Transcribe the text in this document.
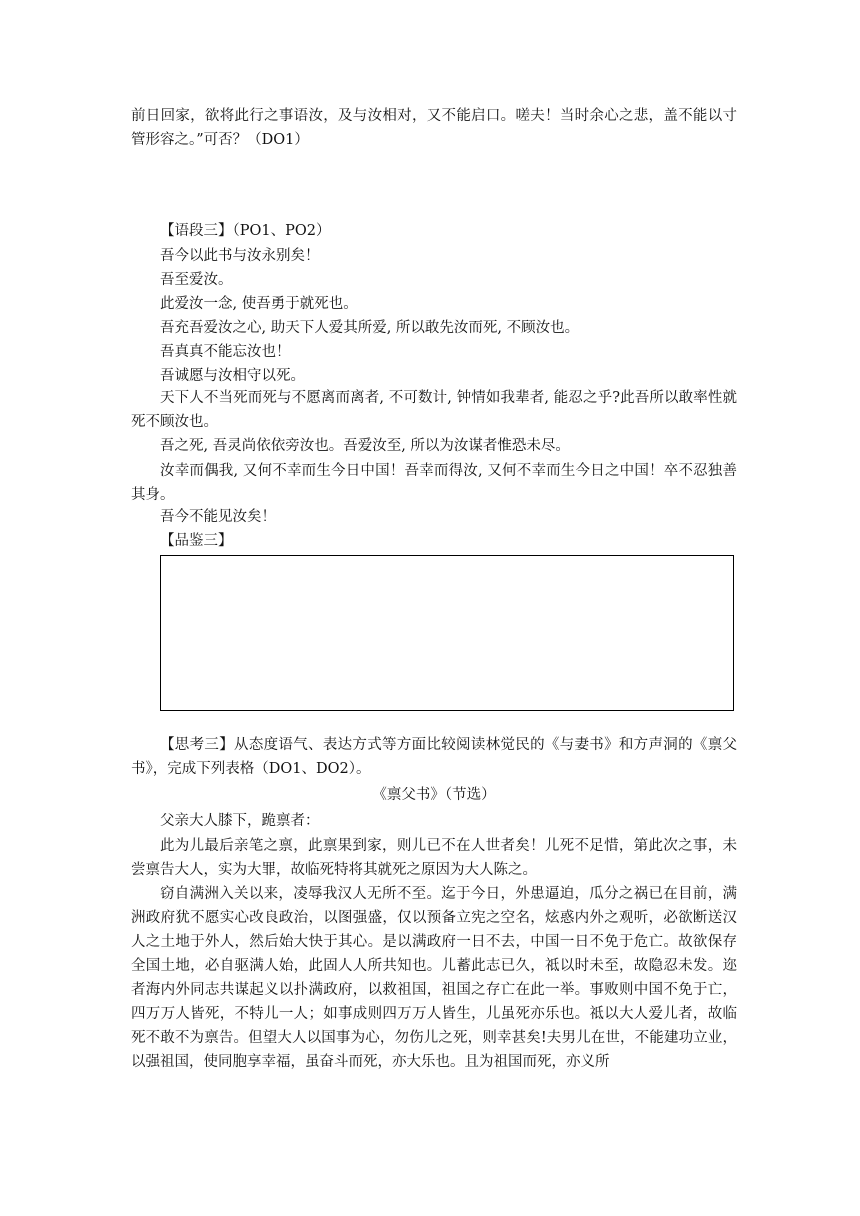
前日回家，欲将此行之事语汝，及与汝相对，又不能启口。嗟夫！当时余心之悲，盖不能以寸管形容之。”可否？（DO1）

【语段三】（PO1、PO2）

吾今以此书与汝永别矣！

吾至爱汝。

此爱汝一念, 使吾勇于就死也。

吾充吾爱汝之心, 助天下人爱其所爱, 所以敢先汝而死, 不顾汝也。

吾真真不能忘汝也！

吾诚愿与汝相守以死。

天下人不当死而死与不愿离而离者, 不可数计, 钟情如我辈者, 能忍之乎?此吾所以敢率性就死不顾汝也。

吾之死, 吾灵尚依依旁汝也。吾爱汝至, 所以为汝谋者惟恐未尽。

汝幸而偶我, 又何不幸而生今日中国！吾幸而得汝, 又何不幸而生今日之中国！卒不忍独善其身。

吾今不能见汝矣！

【品鉴三】

【思考三】从态度语气、表达方式等方面比较阅读林觉民的《与妻书》和方声洞的《禀父书》，完成下列表格（DO1、DO2）。

《禀父书》（节选）

父亲大人膝下，跪禀者：

此为儿最后亲笔之禀，此禀果到家，则儿已不在人世者矣！儿死不足惜，第此次之事，未尝禀告大人，实为大罪，故临死特将其就死之原因为大人陈之。

窃自满洲入关以来，凌辱我汉人无所不至。迄于今日，外患逼迫，瓜分之祸已在目前，满洲政府犹不愿实心改良政治，以图强盛，仅以预备立宪之空名，炫惑内外之观听，必欲断送汉人之土地于外人，然后始大快于其心。是以满政府一日不去，中国一日不免于危亡。故欲保存全国土地，必自驱满人始，此固人人所共知也。儿蓄此志已久，祗以时未至，故隐忍未发。迩者海内外同志共谋起义以扑满政府，以救祖国，祖国之存亡在此一举。事败则中国不免于亡，四万万人皆死，不特儿一人；如事成则四万万人皆生，儿虽死亦乐也。祗以大人爱儿者，故临死不敢不为禀告。但望大人以国事为心，勿伤儿之死，则幸甚矣!夫男儿在世，不能建功立业，以强祖国，使同胞享幸福，虽奋斗而死，亦大乐也。且为祖国而死，亦义所
